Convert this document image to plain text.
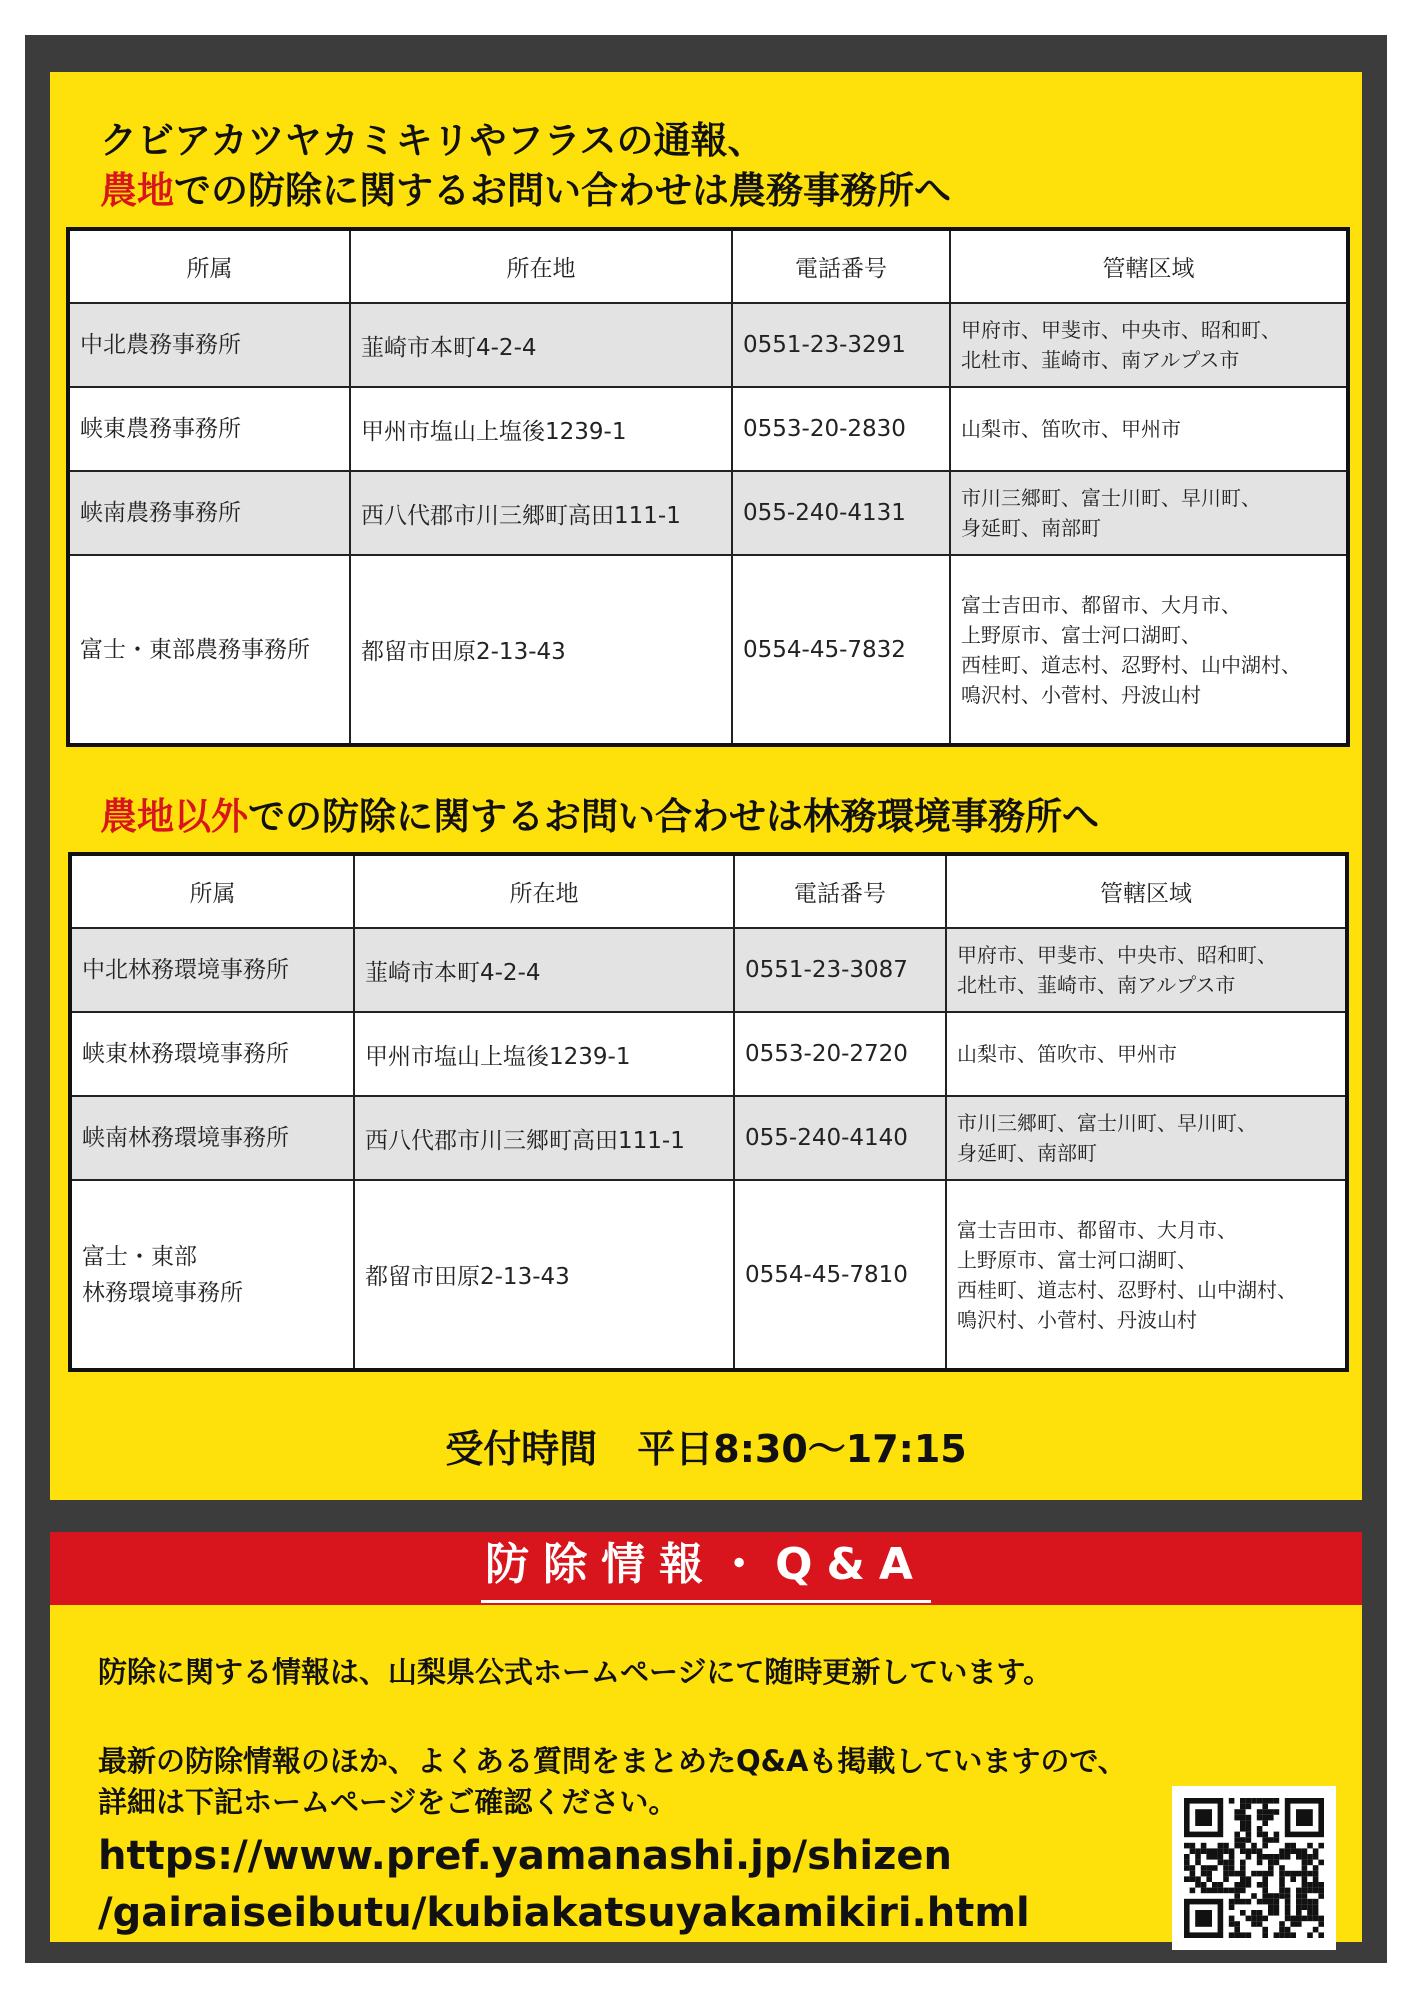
クビアカツヤカミキリやフラスの通報、
農地での防除に関するお問い合わせは農務事務所へ
所属	所在地	電話番号	管轄区域
中北農務事務所	韮崎市本町4-2-4	0551-23-3291	甲府市、甲斐市、中央市、昭和町、
北杜市、韮崎市、南アルプス市
峡東農務事務所	甲州市塩山上塩後1239-1	0553-20-2830	山梨市、笛吹市、甲州市
峡南農務事務所	西八代郡市川三郷町高田111-1	055-240-4131	市川三郷町、富士川町、早川町、
身延町、南部町
富士・東部農務事務所	都留市田原2-13-43	0554-45-7832	富士吉田市、都留市、大月市、
上野原市、富士河口湖町、
西桂町、道志村、忍野村、山中湖村、
鳴沢村、小菅村、丹波山村
農地以外での防除に関するお問い合わせは林務環境事務所へ
所属	所在地	電話番号	管轄区域
中北林務環境事務所	韮崎市本町4-2-4	0551-23-3087	甲府市、甲斐市、中央市、昭和町、
北杜市、韮崎市、南アルプス市
峡東林務環境事務所	甲州市塩山上塩後1239-1	0553-20-2720	山梨市、笛吹市、甲州市
峡南林務環境事務所	西八代郡市川三郷町高田111-1	055-240-4140	市川三郷町、富士川町、早川町、
身延町、南部町
富士・東部
林務環境事務所	都留市田原2-13-43	0554-45-7810	富士吉田市、都留市、大月市、
上野原市、富士河口湖町、
西桂町、道志村、忍野村、山中湖村、
鳴沢村、小菅村、丹波山村
受付時間 平日8:30～17:15
防除情報・Q&A
防除に関する情報は、山梨県公式ホームページにて随時更新しています。
最新の防除情報のほか、よくある質問をまとめたQ&Aも掲載していますので、
詳細は下記ホームページをご確認ください。
https://www.pref.yamanashi.jp/shizen
/gairaiseibutu/kubiakatsuyakamikiri.html
